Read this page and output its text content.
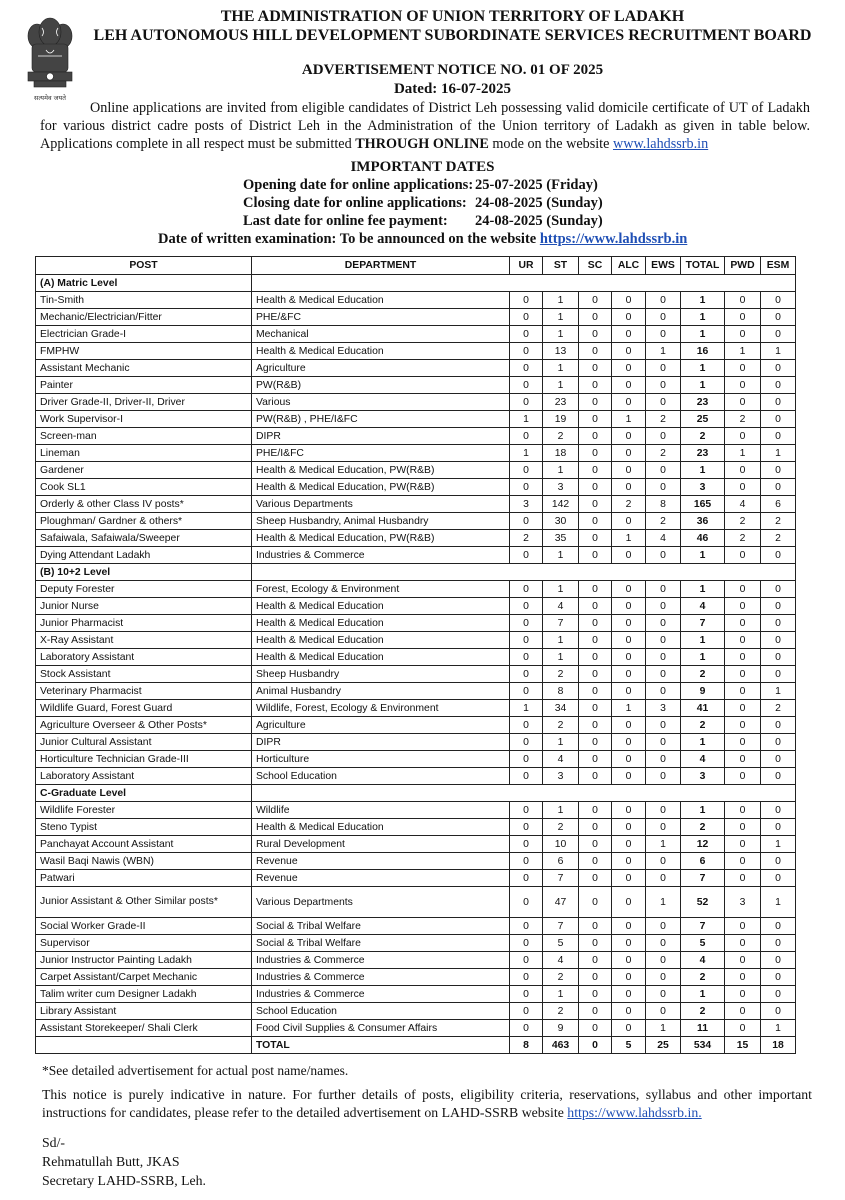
सत्यमेव जयते
THE ADMINISTRATION OF UNION TERRITORY OF LADAKH
LEH AUTONOMOUS HILL DEVELOPMENT SUBORDINATE SERVICES RECRUITMENT BOARD
ADVERTISEMENT NOTICE NO. 01 OF 2025
Dated: 16-07-2025
Online applications are invited from eligible candidates of District Leh possessing valid domicile certificate of UT of Ladakh for various district cadre posts of District Leh in the Administration of the Union territory of Ladakh as given in table below. Applications complete in all respect must be submitted THROUGH ONLINE mode on the website www.lahdssrb.in
IMPORTANT DATES
Opening date for online applications: 25-07-2025 (Friday)
Closing date for online applications: 24-08-2025 (Sunday)
Last date for online fee payment: 24-08-2025 (Sunday)
Date of written examination: To be announced on the website https://www.lahdssrb.in
POST	DEPARTMENT	UR	ST	SC	ALC	EWS	TOTAL	PWD	ESM
(A) Matric Level									
Tin-Smith	Health & Medical Education	0	1	0	0	0	1	0	0
Mechanic/Electrician/Fitter	PHE/&FC	0	1	0	0	0	1	0	0
Electrician Grade-I	Mechanical	0	1	0	0	0	1	0	0
FMPHW	Health & Medical Education	0	13	0	0	1	16	1	1
Assistant Mechanic	Agriculture	0	1	0	0	0	1	0	0
Painter	PW(R&B)	0	1	0	0	0	1	0	0
Driver Grade-II, Driver-II, Driver	Various	0	23	0	0	0	23	0	0
Work Supervisor-I	PW(R&B) , PHE/I&FC	1	19	0	1	2	25	2	0
Screen-man	DIPR	0	2	0	0	0	2	0	0
Lineman	PHE/I&FC	1	18	0	0	2	23	1	1
Gardener	Health & Medical Education, PW(R&B)	0	1	0	0	0	1	0	0
Cook SL1	Health & Medical Education, PW(R&B)	0	3	0	0	0	3	0	0
Orderly & other Class IV posts*	Various Departments	3	142	0	2	8	165	4	6
Ploughman/ Gardner & others*	Sheep Husbandry, Animal Husbandry	0	30	0	0	2	36	2	2
Safaiwala, Safaiwala/Sweeper	Health & Medical Education, PW(R&B)	2	35	0	1	4	46	2	2
Dying Attendant Ladakh	Industries & Commerce	0	1	0	0	0	1	0	0
(B) 10+2 Level									
Deputy Forester	Forest, Ecology & Environment	0	1	0	0	0	1	0	0
Junior Nurse	Health & Medical Education	0	4	0	0	0	4	0	0
Junior Pharmacist	Health & Medical Education	0	7	0	0	0	7	0	0
X-Ray Assistant	Health & Medical Education	0	1	0	0	0	1	0	0
Laboratory Assistant	Health & Medical Education	0	1	0	0	0	1	0	0
Stock Assistant	Sheep Husbandry	0	2	0	0	0	2	0	0
Veterinary Pharmacist	Animal Husbandry	0	8	0	0	0	9	0	1
Wildlife Guard, Forest Guard	Wildlife, Forest, Ecology & Environment	1	34	0	1	3	41	0	2
Agriculture Overseer & Other Posts*	Agriculture	0	2	0	0	0	2	0	0
Junior Cultural Assistant	DIPR	0	1	0	0	0	1	0	0
Horticulture Technician Grade-III	Horticulture	0	4	0	0	0	4	0	0
Laboratory Assistant	School Education	0	3	0	0	0	3	0	0
C-Graduate Level									
Wildlife Forester	Wildlife	0	1	0	0	0	1	0	0
Steno Typist	Health & Medical Education	0	2	0	0	0	2	0	0
Panchayat Account Assistant	Rural Development	0	10	0	0	1	12	0	1
Wasil Baqi Nawis (WBN)	Revenue	0	6	0	0	0	6	0	0
Patwari	Revenue	0	7	0	0	0	7	0	0
Junior Assistant & Other Similar posts*	Various Departments	0	47	0	0	1	52	3	1
Social Worker Grade-II	Social & Tribal Welfare	0	7	0	0	0	7	0	0
Supervisor	Social & Tribal Welfare	0	5	0	0	0	5	0	0
Junior Instructor Painting Ladakh	Industries & Commerce	0	4	0	0	0	4	0	0
Carpet Assistant/Carpet Mechanic	Industries & Commerce	0	2	0	0	0	2	0	0
Talim writer cum Designer Ladakh	Industries & Commerce	0	1	0	0	0	1	0	0
Library Assistant	School Education	0	2	0	0	0	2	0	0
Assistant Storekeeper/ Shali Clerk	Food Civil Supplies & Consumer Affairs	0	9	0	0	1	11	0	1
	TOTAL	8	463	0	5	25	534	15	18
*See detailed advertisement for actual post name/names.
This notice is purely indicative in nature. For further details of posts, eligibility criteria, reservations, syllabus and other important instructions for candidates, please refer to the detailed advertisement on LAHD-SSRB website https://www.lahdssrb.in.
Sd/-
Rehmatullah Butt, JKAS
Secretary LAHD-SSRB, Leh.
